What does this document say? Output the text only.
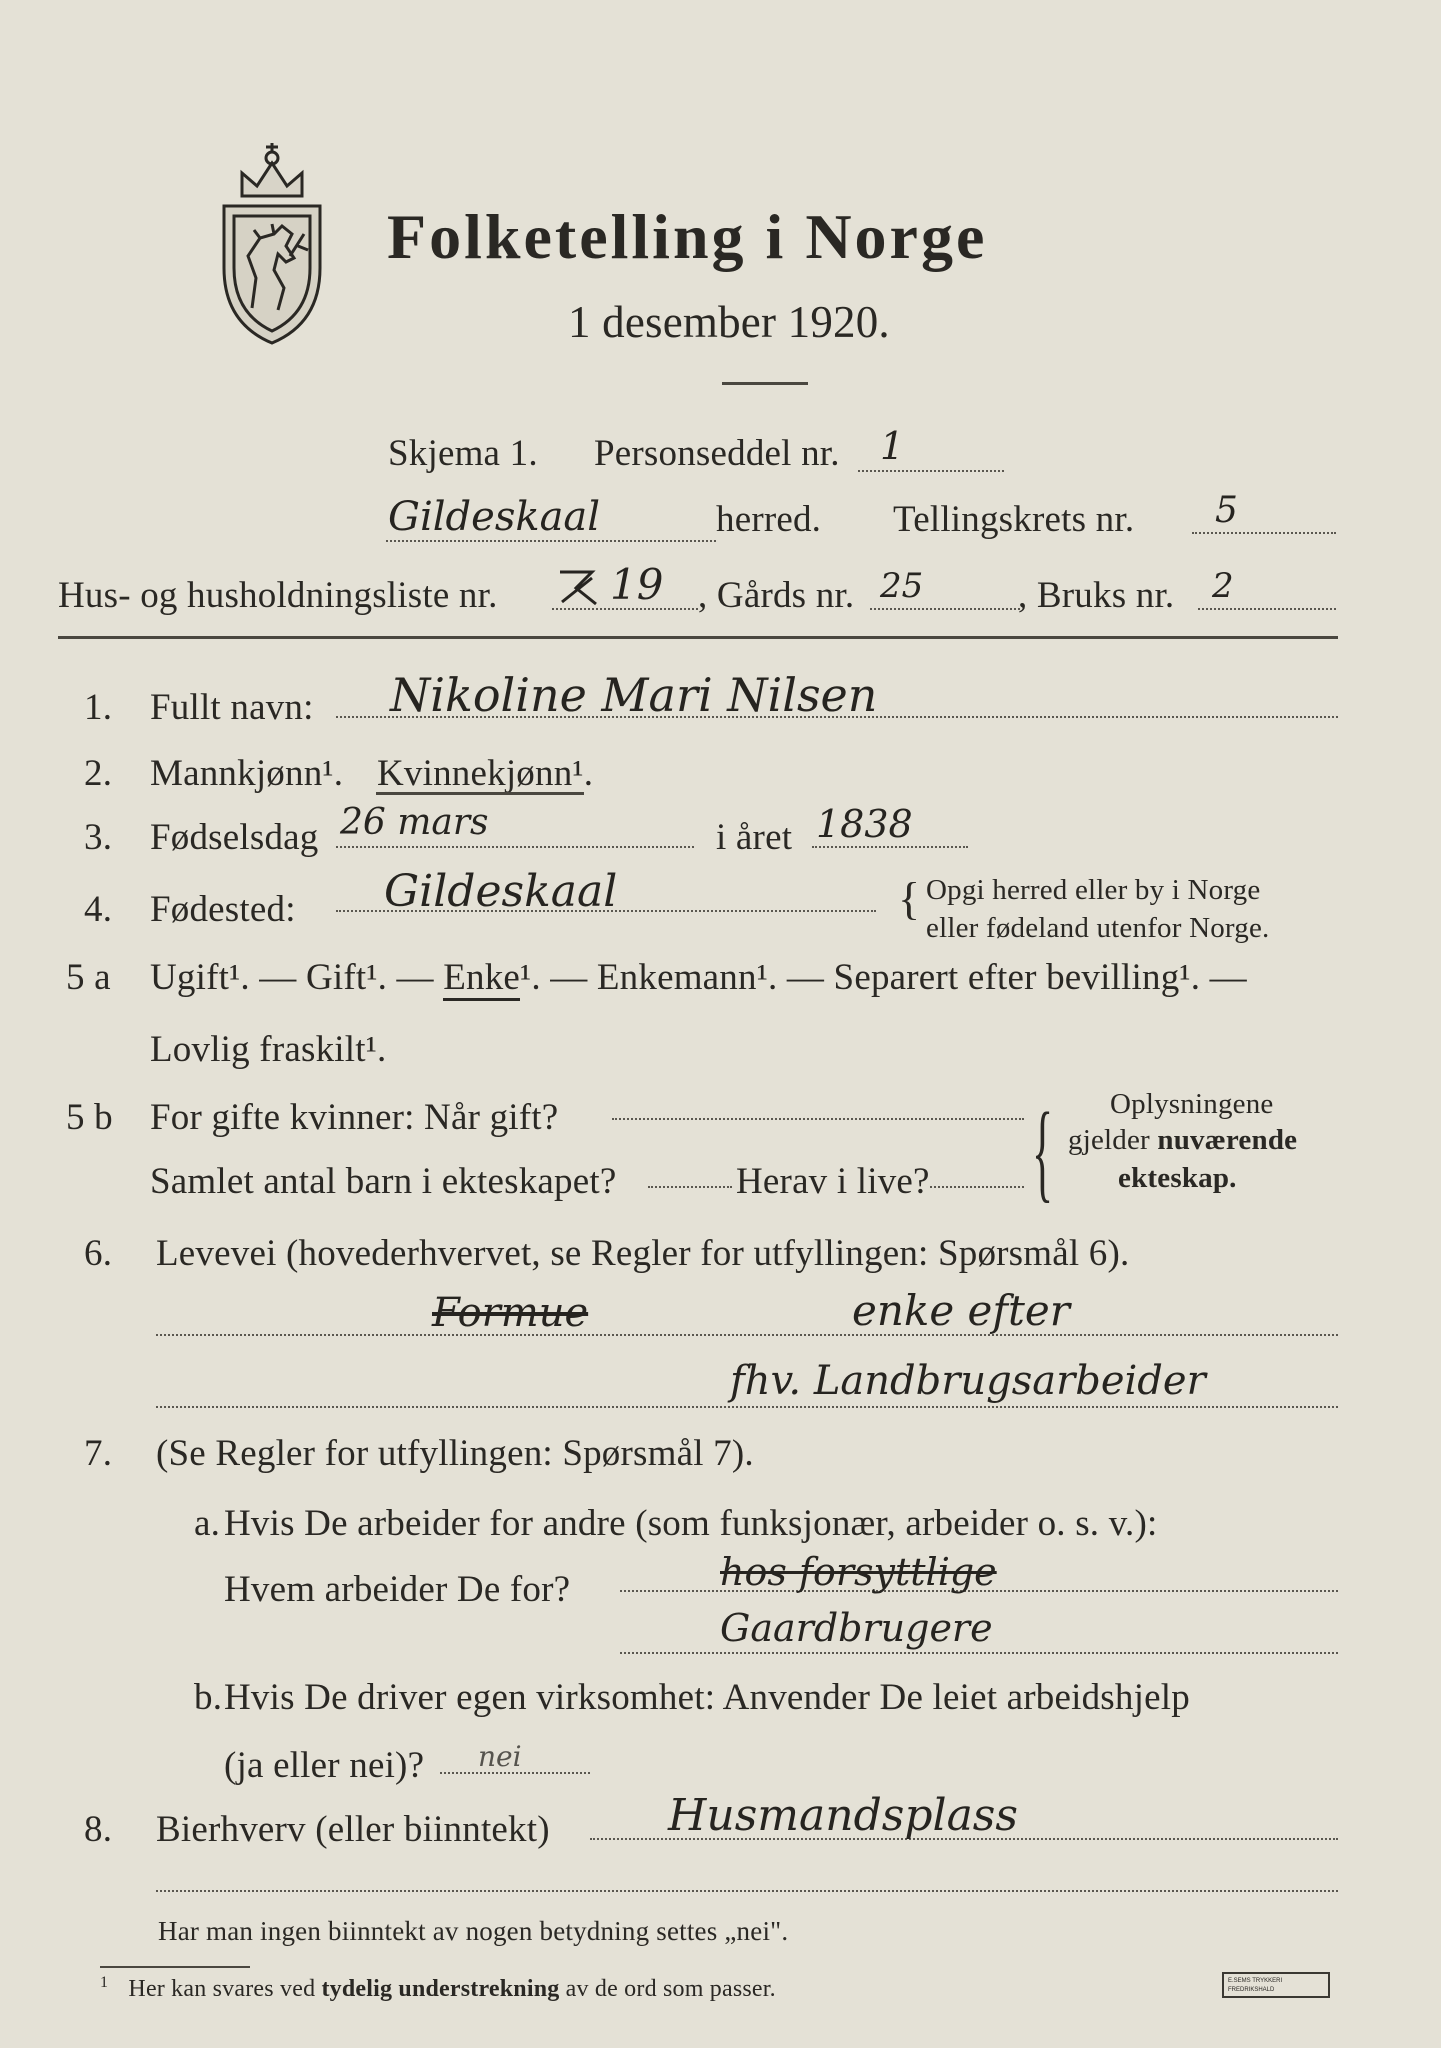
Folketelling i Norge
1 desember 1920.
Skjema 1. Personseddel nr. 1
Gildeskaal	herred. Tellingskrets nr. 5
Hus- og husholdningsliste nr.	19 , Gårds nr. 25	, Bruks nr. 2
1. Fullt navn: Nikoline Mari Nilsen
2. Mannkjønn¹. Kvinnekjønn¹.
3. Fødselsdag 26 mars	i året 1838
4. Fødested: Gildeskaal	{ Opgi herred eller by i Norge
eller fødeland utenfor Norge.
5 a Ugift¹. — Gift¹. — Enke¹. — Enkemann¹. — Separert efter bevilling¹. —
Lovlig fraskilt¹.
5 b For gifte kvinner: Når gift?
Samlet antal barn i ekteskapet?	Herav i live? { Oplysningene
gjelder nuværende
ekteskap.
6. Levevei (hovederhvervet, se Regler for utfyllingen: Spørsmål 6).
Formue	enke efter
fhv. Landbrugsarbeider
7. (Se Regler for utfyllingen: Spørsmål 7).
a. Hvis De arbeider for andre (som funksjonær, arbeider o. s. v.):
Hvem arbeider De for?	hos forsyttlige
Gaardbrugere
b. Hvis De driver egen virksomhet: Anvender De leiet arbeidshjelp
(ja eller nei)? nei
8. Bierhverv (eller biinntekt)	Husmandsplass
Har man ingen biinntekt av nogen betydning settes „nei".
$^1$ Her kan svares ved tydelig understrekning av de ord som passer.	E.SEMS TRYKKERI FREDRIKSHALD
